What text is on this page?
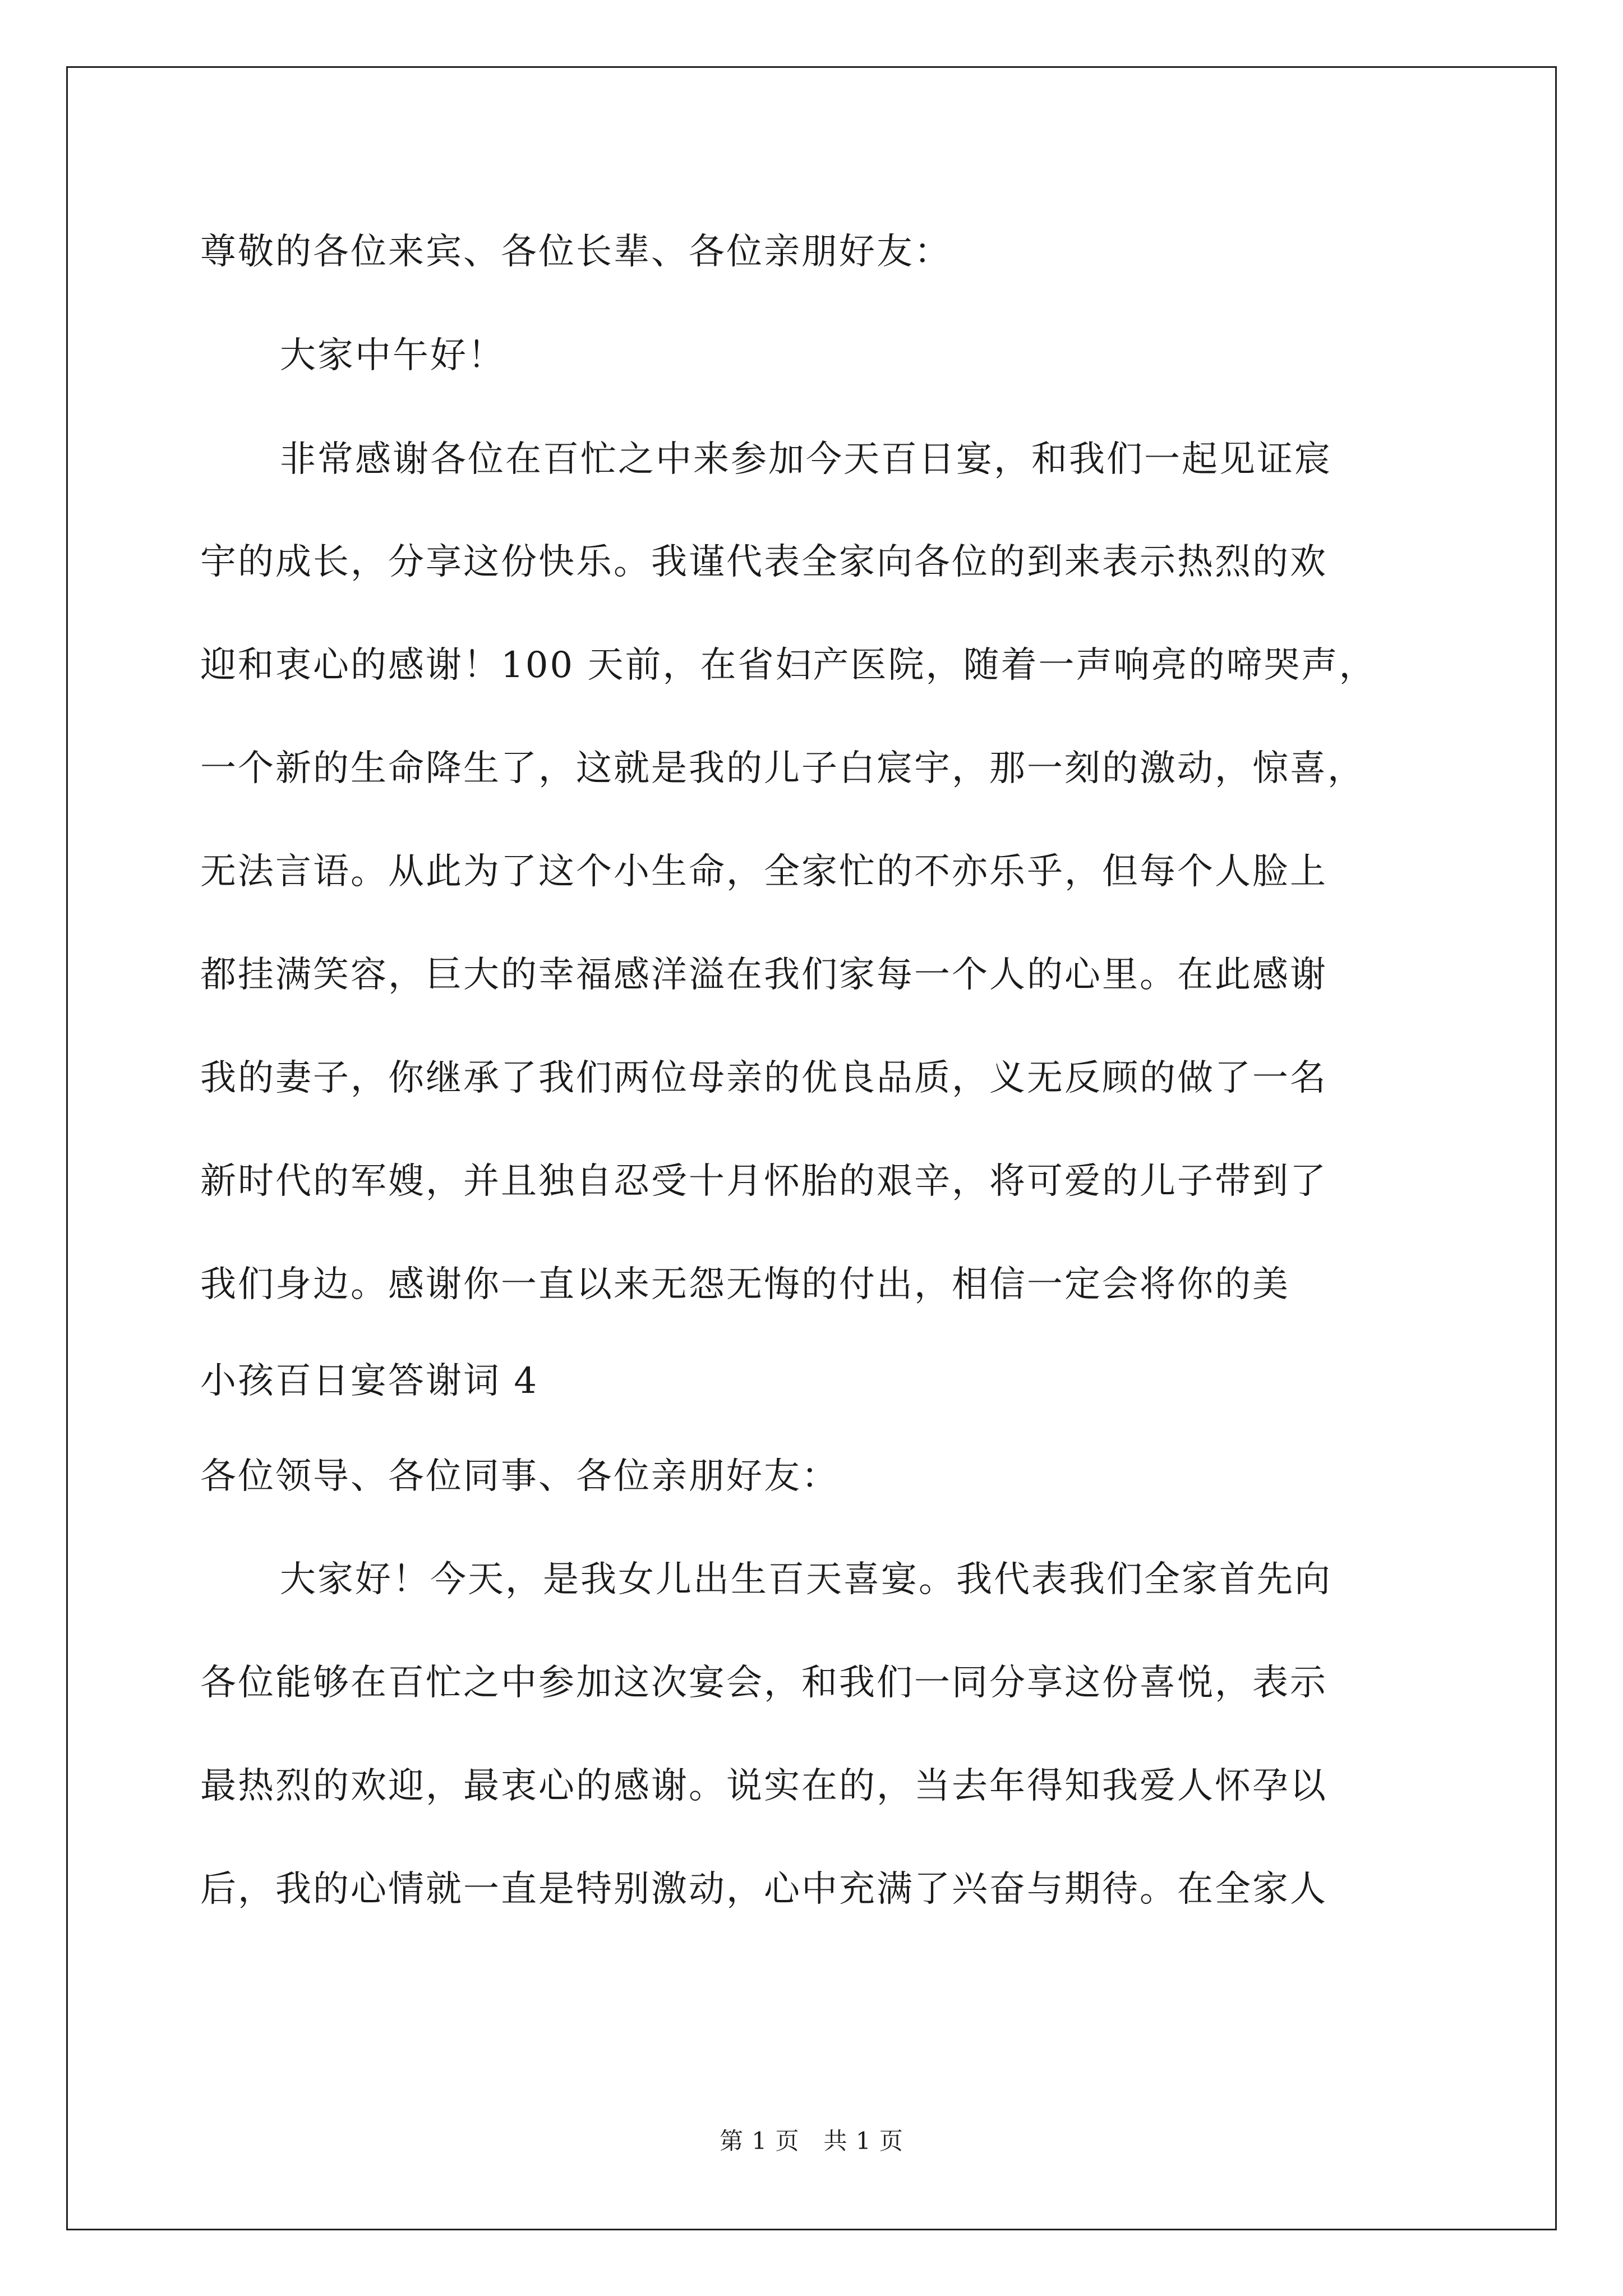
尊敬的各位来宾、各位长辈、各位亲朋好友：
大家中午好！
非常感谢各位在百忙之中来参加今天百日宴，和我们一起见证宸
宇的成长，分享这份快乐。我谨代表全家向各位的到来表示热烈的欢
迎和衷心的感谢！100 天前，在省妇产医院，随着一声响亮的啼哭声，
一个新的生命降生了，这就是我的儿子白宸宇，那一刻的激动，惊喜，
无法言语。从此为了这个小生命，全家忙的不亦乐乎，但每个人脸上
都挂满笑容，巨大的幸福感洋溢在我们家每一个人的心里。在此感谢
我的妻子，你继承了我们两位母亲的优良品质，义无反顾的做了一名
新时代的军嫂，并且独自忍受十月怀胎的艰辛，将可爱的儿子带到了
我们身边。感谢你一直以来无怨无悔的付出，相信一定会将你的美
小孩百日宴答谢词 4
各位领导、各位同事、各位亲朋好友：
大家好！今天，是我女儿出生百天喜宴。我代表我们全家首先向
各位能够在百忙之中参加这次宴会，和我们一同分享这份喜悦，表示
最热烈的欢迎，最衷心的感谢。说实在的，当去年得知我爱人怀孕以
后，我的心情就一直是特别激动，心中充满了兴奋与期待。在全家人
第 1 页　共 1 页
